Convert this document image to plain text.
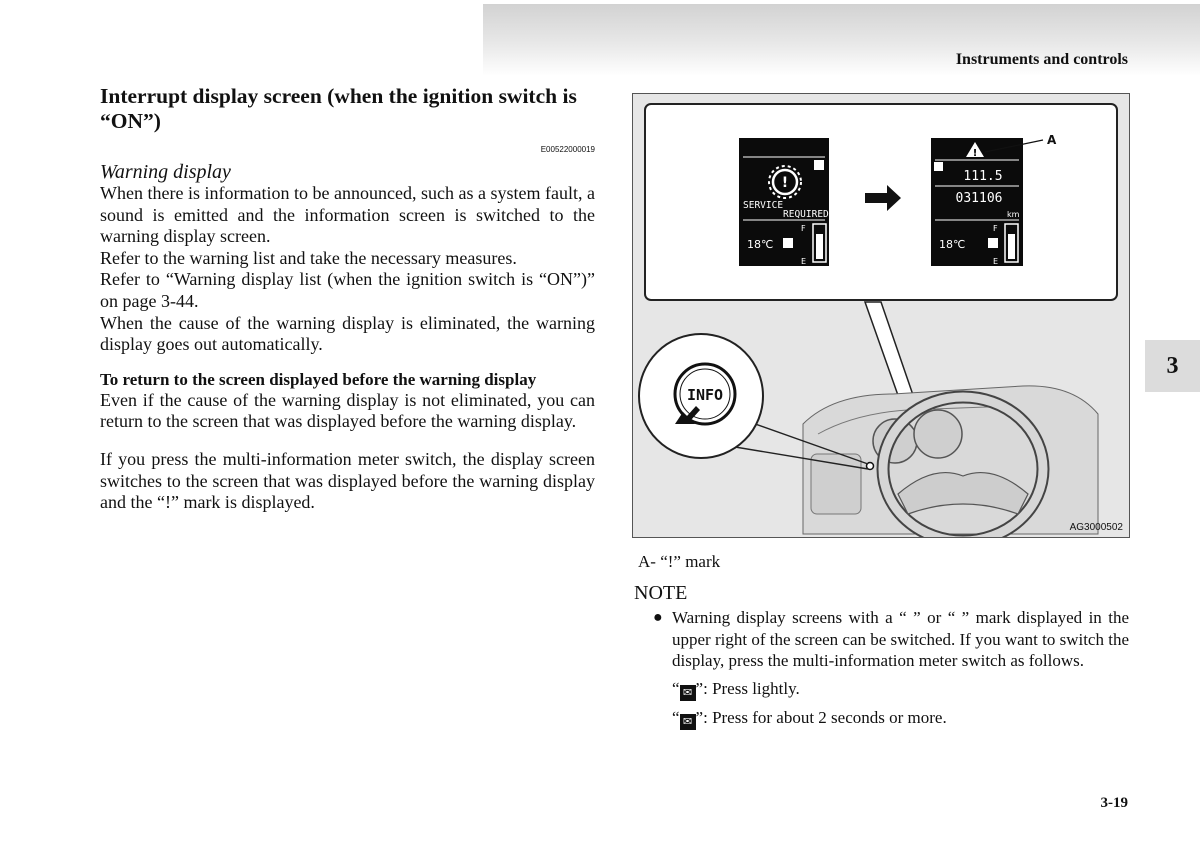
Instruments and controls
3
3-19
Interrupt display screen (when the ignition switch is “ON”)
E00522000019
Warning display

When there is information to be announced, such as a system fault, a sound is emitted and the information screen is switched to the warning display screen.

Refer to the warning list and take the necessary measures.

Refer to “Warning display list (when the ignition switch is “ON”)” on page 3-44.

When the cause of the warning display is eliminated, the warning display goes out automatically.

To return to the screen displayed before the warning display

Even if the cause of the warning display is not eliminated, you can return to the screen that was displayed before the warning display.

If you press the multi-information meter switch, the display screen switches to the screen that was displayed before the warning display and the “!” mark is displayed.

INFO
!
SERVICE
REQUIRED
18℃
F
E
!
111.5
031106
km
18℃
F
E
A
AG3000502
A- “!” mark
NOTE
● Warning display screens with a “ ” or “ ” mark displayed in the upper right of the screen can be switched. If you want to switch the display, press the multi-information meter switch as follows.
“ ✉ ”: Press lightly.
“ ✉ ”: Press for about 2 seconds or more.
